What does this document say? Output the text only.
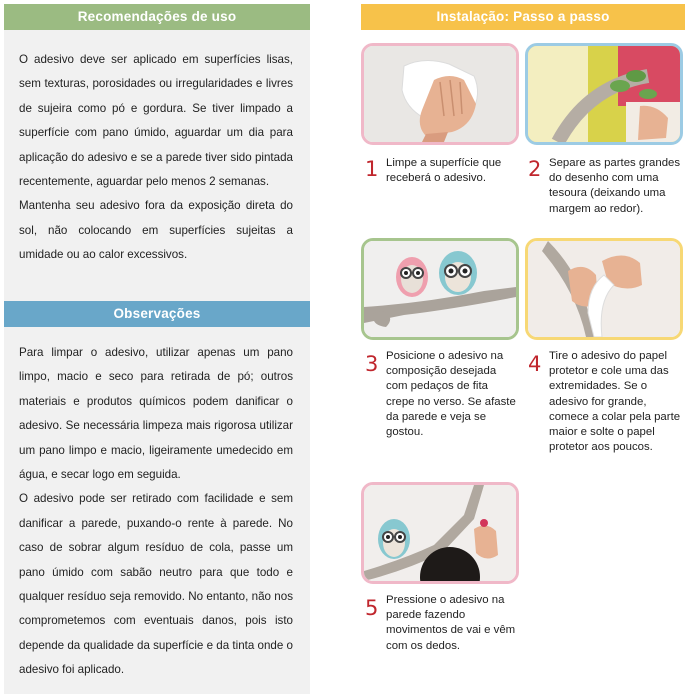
Recomendações de uso

O adesivo deve ser aplicado em superfícies lisas, sem texturas, porosidades ou irregularidades e livres de sujeira como pó e gordura. Se tiver limpado a superfície com pano úmido, aguardar um dia para aplicação do adesivo e se a parede tiver sido pintada recentemente, aguardar pelo menos 2 semanas.

Mantenha seu adesivo fora da exposição direta do sol, não colocando em superfícies sujeitas a umidade ou ao calor excessivos.

Observações

Para limpar o adesivo, utilizar apenas um pano limpo, macio e seco para retirada de pó; outros materiais e produtos químicos podem danificar o adesivo. Se necessária limpeza mais rigorosa utilizar um pano limpo e macio, ligeiramente umedecido em água, e secar logo em seguida.

O adesivo pode ser retirado com facilidade e sem danificar a parede, puxando-o rente à parede. No caso de sobrar algum resíduo de cola, passe um pano úmido com sabão neutro para que todo e qualquer resíduo seja removido. No entanto, não nos comprometemos com eventuais danos, pois isto depende da qualidade da superfície e da tinta onde o adesivo foi aplicado.

Instalação: Passo a passo
1 Limpe a superfície que receberá o adesivo.	2 Separe as partes grandes do desenho com uma tesoura (deixando uma margem ao redor).
3 Posicione o adesivo na composição desejada com pedaços de fita crepe no verso. Se afaste da parede e veja se gostou.
4 Tire o adesivo do papel protetor e cole uma das extremidades. Se o adesivo for grande, comece a colar pela parte maior e solte o papel protetor aos poucos.
5 Pressione o adesivo na parede fazendo movimentos de vai e vêm com os dedos.
